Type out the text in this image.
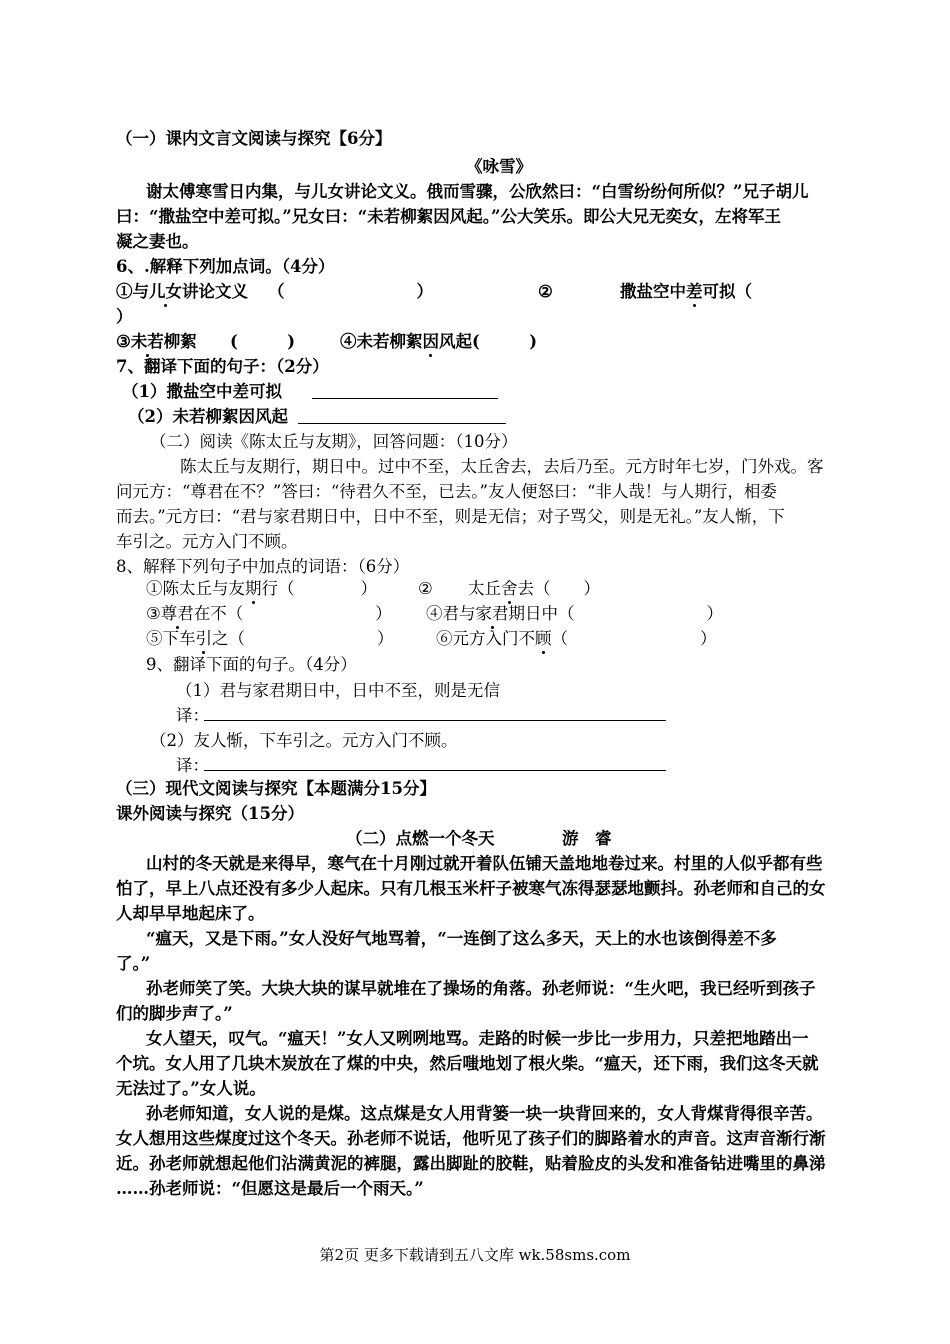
（一）课内文言文阅读与探究【6分】
《咏雪》
谢太傅寒雪日内集，与儿女讲论文义。俄而雪骤，公欣然曰：“白雪纷纷何所似？”兄子胡儿
曰：“撒盐空中差可拟。”兄女曰：“未若柳絮因风起。”公大笑乐。即公大兄无奕女，左将军王
凝之妻也。
6、.解释下列加点词。（4分）
①与儿女讲论文义 （　　　　　　　　）	②	撒盐空中差可拟（
）
③未若柳絮 (　　　)	④未若柳絮因风起(　　　)
7、翻译下面的句子：（2分）
（1）撒盐空中差可拟
（2）未若柳絮因风起
（二）阅读《陈太丘与友期》，回答问题：（10分）
陈太丘与友期行，期日中。过中不至，太丘舍去，去后乃至。元方时年七岁，门外戏。客
问元方：“尊君在不？”答曰：“待君久不至，已去。”友人便怒曰：“非人哉！与人期行，相委
而去。”元方曰：“君与家君期日中，日中不至，则是无信；对子骂父，则是无礼。”友人惭，下
车引之。元方入门不顾。
8、解释下列句子中加点的词语：（6分）
①陈太丘与友期行（　　　　） ② 太丘舍去（　　）
③尊君在不（　　　　　　　　） ④君与家君期日中（　　　　　　　　）
⑤下车引之（　　　　　　　　）	⑥元方入门不顾（　　　　　　　　）
9、翻译下面的句子。（4分）
（1）君与家君期日中，日中不至，则是无信
译：
（2）友人惭，下车引之。元方入门不顾。
译：
（三）现代文阅读与探究【本题满分15分】
课外阅读与探究（15分）
（二）点燃一个冬天	游　睿
山村的冬天就是来得早，寒气在十月刚过就开着队伍铺天盖地地卷过来。村里的人似乎都有些
怕了，早上八点还没有多少人起床。只有几根玉米杆子被寒气冻得瑟瑟地颤抖。孙老师和自己的女
人却早早地起床了。
“瘟天，又是下雨。”女人没好气地骂着，“一连倒了这么多天，天上的水也该倒得差不多
了。”
孙老师笑了笑。大块大块的谋早就堆在了操场的角落。孙老师说：“生火吧，我已经听到孩子
们的脚步声了。”
女人望天，叹气。“瘟天！”女人又咧咧地骂。走路的时候一步比一步用力，只差把地踏出一
个坑。女人用了几块木炭放在了煤的中央，然后嗤地划了根火柴。“瘟天，还下雨，我们这冬天就
无法过了。”女人说。
孙老师知道，女人说的是煤。这点煤是女人用背篓一块一块背回来的，女人背煤背得很辛苦。
女人想用这些煤度过这个冬天。孙老师不说话，他听见了孩子们的脚路着水的声音。这声音渐行渐
近。孙老师就想起他们沾满黄泥的裤腿，露出脚趾的胶鞋，贴着脸皮的头发和准备钻进嘴里的鼻涕
……孙老师说：“但愿这是最后一个雨天。”
第2页 更多下载请到五八文库 wk.58sms.com
